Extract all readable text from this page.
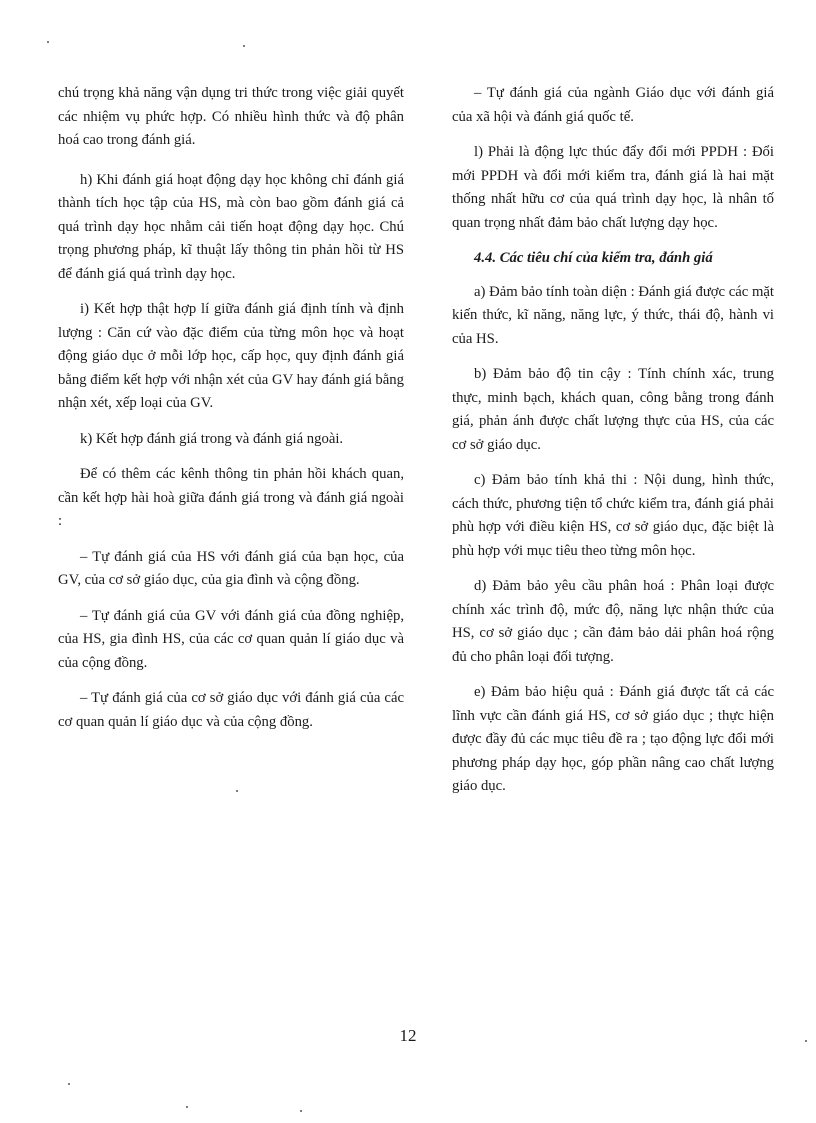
chú trọng khả năng vận dụng tri thức trong việc giải quyết các nhiệm vụ phức hợp. Có nhiều hình thức và độ phân hoá cao trong đánh giá.

h) Khi đánh giá hoạt động dạy học không chỉ đánh giá thành tích học tập của HS, mà còn bao gồm đánh giá cả quá trình dạy học nhằm cải tiến hoạt động dạy học. Chú trọng phương pháp, kĩ thuật lấy thông tin phản hồi từ HS để đánh giá quá trình dạy học.

i) Kết hợp thật hợp lí giữa đánh giá định tính và định lượng : Căn cứ vào đặc điểm của từng môn học và hoạt động giáo dục ở mỗi lớp học, cấp học, quy định đánh giá bằng điểm kết hợp với nhận xét của GV hay đánh giá bằng nhận xét, xếp loại của GV.

k) Kết hợp đánh giá trong và đánh giá ngoài.

Để có thêm các kênh thông tin phản hồi khách quan, cần kết hợp hài hoà giữa đánh giá trong và đánh giá ngoài :

– Tự đánh giá của HS với đánh giá của bạn học, của GV, của cơ sở giáo dục, của gia đình và cộng đồng.

– Tự đánh giá của GV với đánh giá của đồng nghiệp, của HS, gia đình HS, của các cơ quan quản lí giáo dục và của cộng đồng.

– Tự đánh giá của cơ sở giáo dục với đánh giá của các cơ quan quản lí giáo dục và của cộng đồng.

– Tự đánh giá của ngành Giáo dục với đánh giá của xã hội và đánh giá quốc tế.

l) Phải là động lực thúc đẩy đổi mới PPDH : Đổi mới PPDH và đổi mới kiểm tra, đánh giá là hai mặt thống nhất hữu cơ của quá trình dạy học, là nhân tố quan trọng nhất đảm bảo chất lượng dạy học.

4.4. Các tiêu chí của kiểm tra, đánh giá

a) Đảm bảo tính toàn diện : Đánh giá được các mặt kiến thức, kĩ năng, năng lực, ý thức, thái độ, hành vi của HS.

b) Đảm bảo độ tin cậy : Tính chính xác, trung thực, minh bạch, khách quan, công bằng trong đánh giá, phản ánh được chất lượng thực của HS, của các cơ sở giáo dục.

c) Đảm bảo tính khả thi : Nội dung, hình thức, cách thức, phương tiện tổ chức kiểm tra, đánh giá phải phù hợp với điều kiện HS, cơ sở giáo dục, đặc biệt là phù hợp với mục tiêu theo từng môn học.

d) Đảm bảo yêu cầu phân hoá : Phân loại được chính xác trình độ, mức độ, năng lực nhận thức của HS, cơ sở giáo dục ; cần đảm bảo dải phân hoá rộng đủ cho phân loại đối tượng.

e) Đảm bảo hiệu quả : Đánh giá được tất cả các lĩnh vực cần đánh giá HS, cơ sở giáo dục ; thực hiện được đầy đủ các mục tiêu đề ra ; tạo động lực đổi mới phương pháp dạy học, góp phần nâng cao chất lượng giáo dục.

12
